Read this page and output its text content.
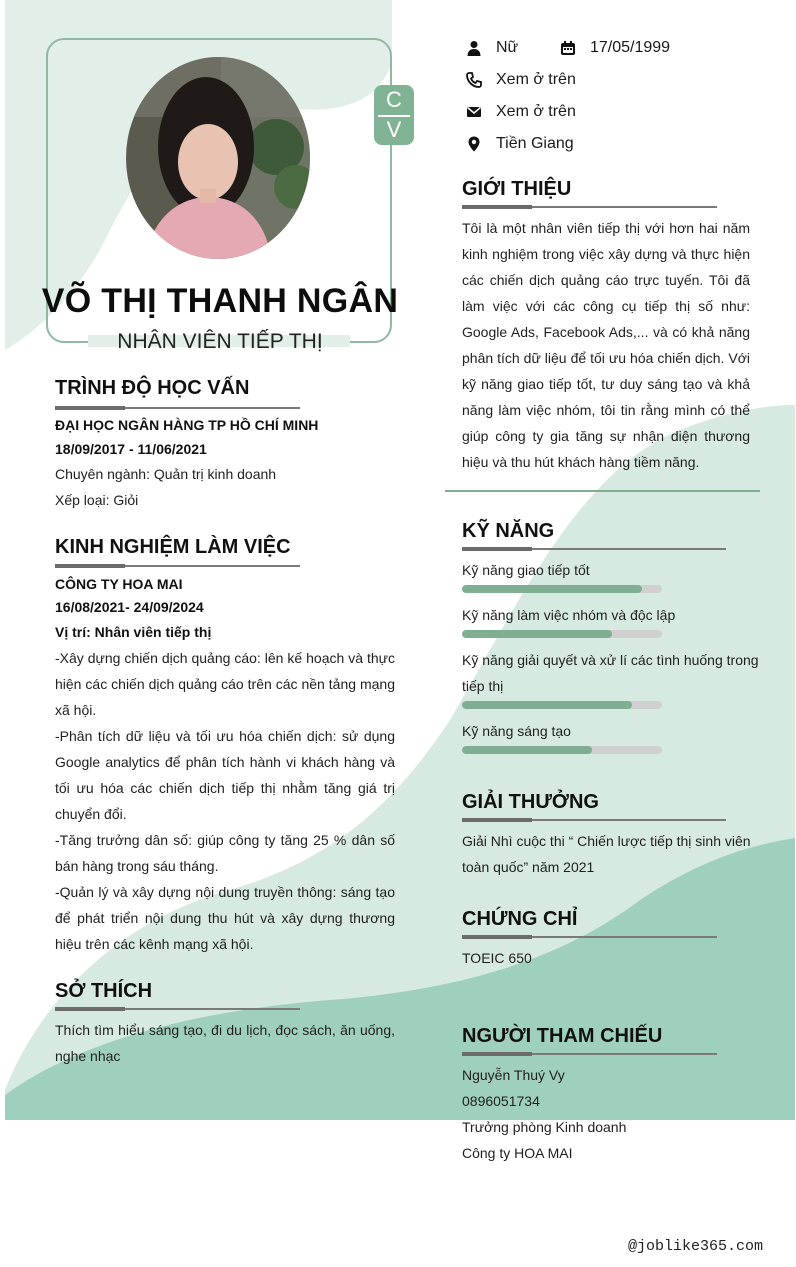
C
V
VÕ THỊ THANH NGÂN
NHÂN VIÊN TIẾP THỊ
Nữ	17/05/1999
Xem ở trên
Xem ở trên
Tiền Giang
TRÌNH ĐỘ HỌC VẤN
ĐẠI HỌC NGÂN HÀNG TP HỒ CHÍ MINH
18/09/2017 - 11/06/2021
Chuyên ngành: Quản trị kinh doanh
Xếp loại: Giỏi
KINH NGHIỆM LÀM VIỆC
CÔNG TY HOA MAI
16/08/2021- 24/09/2024
Vị trí: Nhân viên tiếp thị
-Xây dựng chiến dịch quảng cáo: lên kế hoạch và thực hiện các chiến dịch quảng cáo trên các nền tảng mạng xã hội.
-Phân tích dữ liệu và tối ưu hóa chiến dịch: sử dụng Google analytics để phân tích hành vi khách hàng và tối ưu hóa các chiến dịch tiếp thị nhằm tăng giá trị chuyển đổi.
-Tăng trưởng dân số: giúp công ty tăng 25 % dân số bán hàng trong sáu tháng.
-Quản lý và xây dựng nội dung truyền thông: sáng tạo để phát triển nội dung thu hút và xây dựng thương hiệu trên các kênh mạng xã hội.
SỞ THÍCH
Thích tìm hiểu sáng tạo, đi du lịch, đọc sách, ăn uống, nghe nhạc
GIỚI THIỆU
Tôi là một nhân viên tiếp thị với hơn hai năm kinh nghiệm trong việc xây dựng và thực hiện các chiến dịch quảng cáo trực tuyến. Tôi đã làm việc với các công cụ tiếp thị số như: Google Ads, Facebook Ads,... và có khả năng phân tích dữ liệu để tối ưu hóa chiến dịch. Với kỹ năng giao tiếp tốt, tư duy sáng tạo và khả năng làm việc nhóm, tôi tin rằng mình có thể giúp công ty gia tăng sự nhận diện thương hiệu và thu hút khách hàng tiềm năng.
KỸ NĂNG
Kỹ năng giao tiếp tốt
Kỹ năng làm việc nhóm và độc lập
Kỹ năng giải quyết và xử lí các tình huống trong tiếp thị
Kỹ năng sáng tạo
GIẢI THƯỞNG
Giải Nhì cuộc thi “ Chiến lược tiếp thị sinh viên toàn quốc” năm 2021
CHỨNG CHỈ
TOEIC 650
NGƯỜI THAM CHIẾU
Nguyễn Thuý Vy
0896051734
Trưởng phòng Kinh doanh
Công ty HOA MAI
@joblike365.com
